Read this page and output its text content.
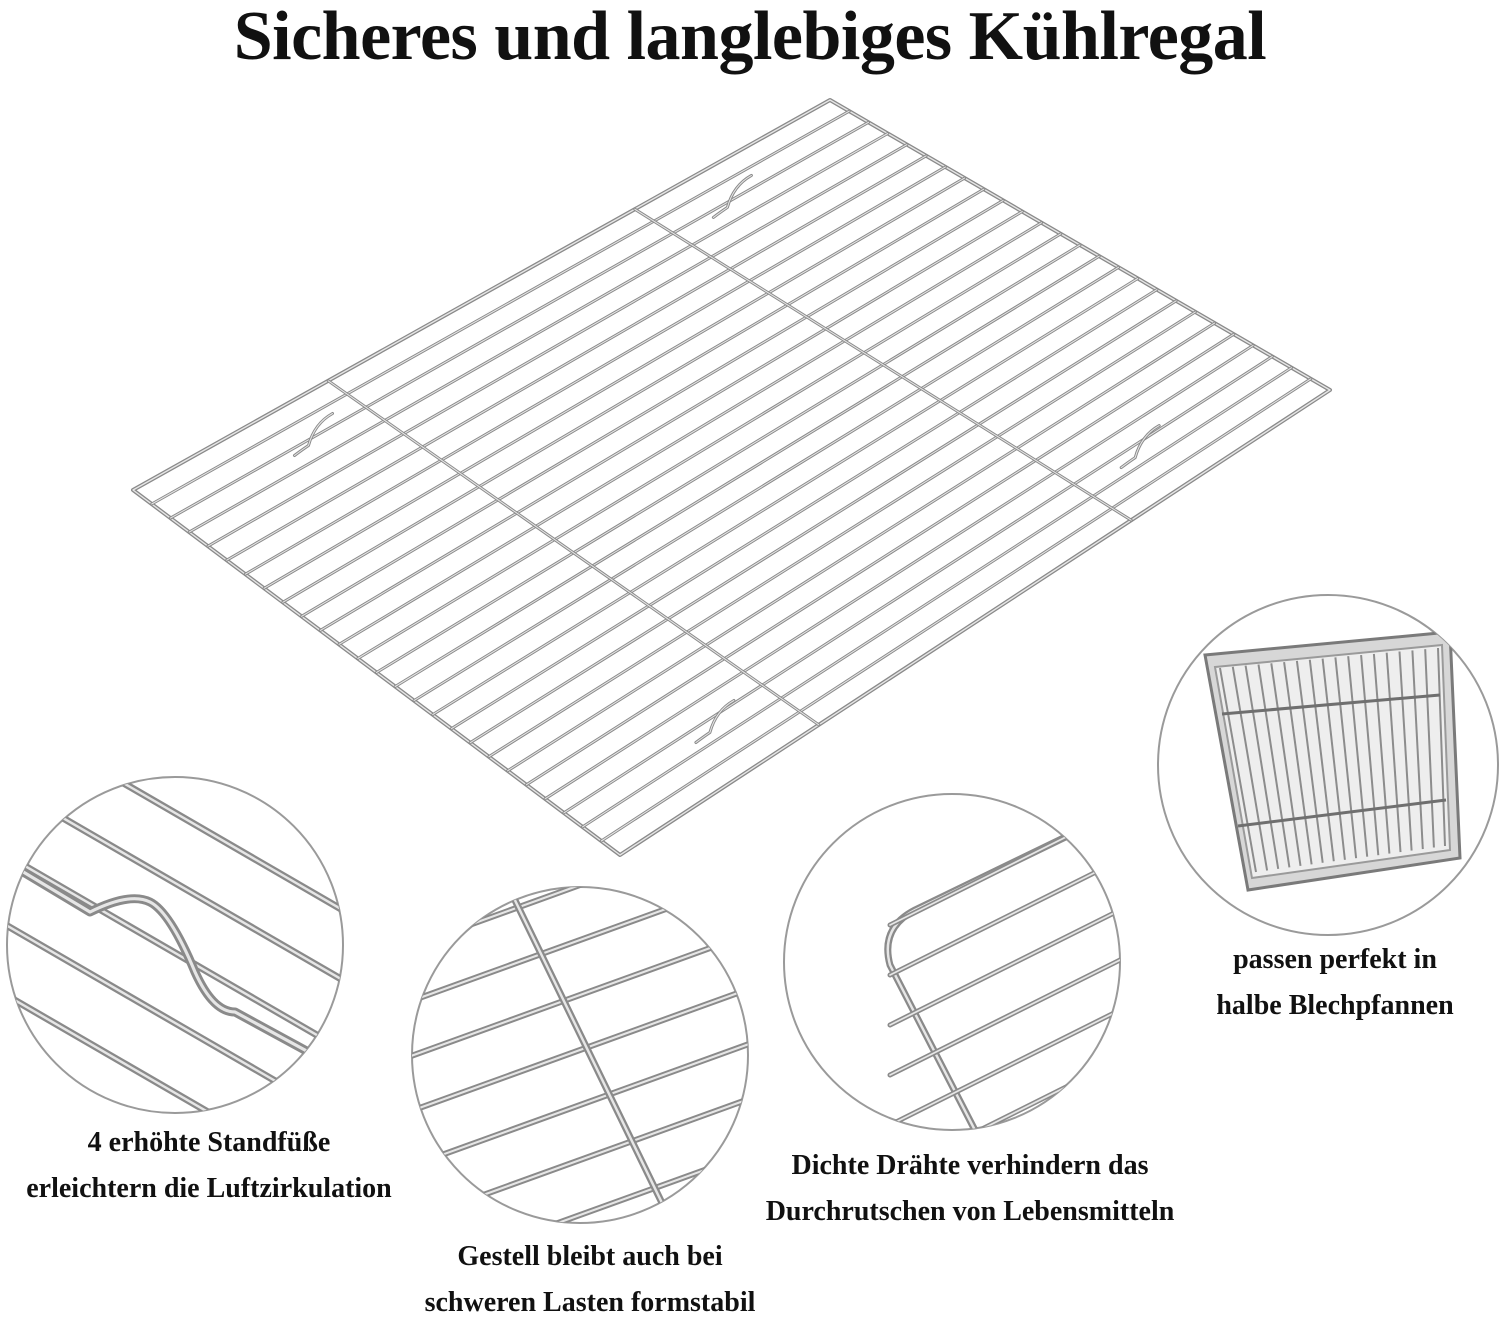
Sicheres und langlebiges Kühlregal
4 erhöhte Standfüße
erleichtern die Luftzirkulation
Gestell bleibt auch bei
schweren Lasten formstabil
Dichte Drähte verhindern das
Durchrutschen von Lebensmitteln
passen perfekt in
halbe Blechpfannen
